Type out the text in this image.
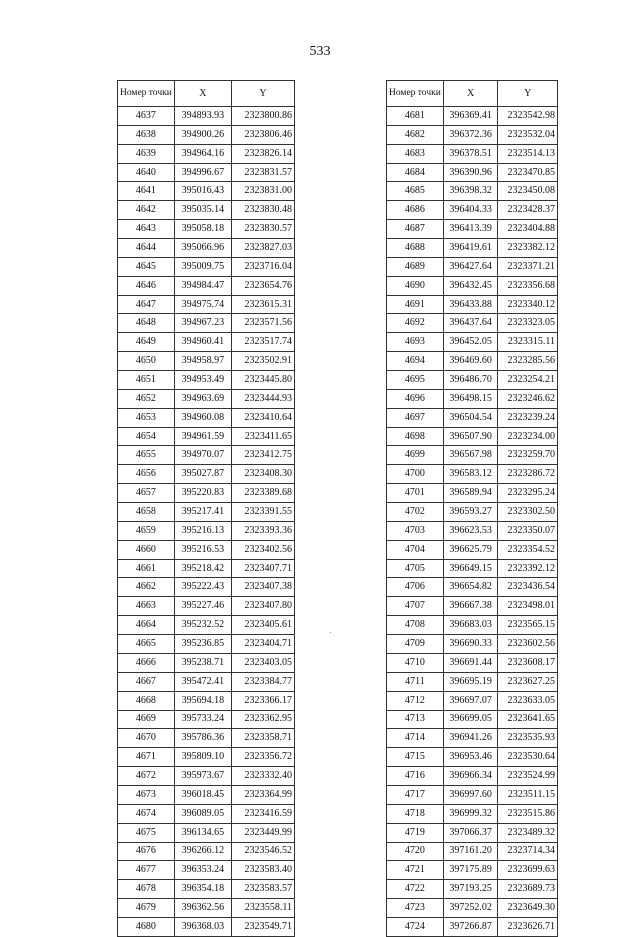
533
Номер точки	X	Y
4637	394893.93	2323800.86
4638	394900.26	2323806.46
4639	394964.16	2323826.14
4640	394996.67	2323831.57
4641	395016.43	2323831.00
4642	395035.14	2323830.48
4643	395058.18	2323830.57
4644	395066.96	2323827.03
4645	395009.75	2323716.04
4646	394984.47	2323654.76
4647	394975.74	2323615.31
4648	394967.23	2323571.56
4649	394960.41	2323517.74
4650	394958.97	2323502.91
4651	394953.49	2323445.80
4652	394963.69	2323444.93
4653	394960.08	2323410.64
4654	394961.59	2323411.65
4655	394970.07	2323412.75
4656	395027.87	2323408.30
4657	395220.83	2323389.68
4658	395217.41	2323391.55
4659	395216.13	2323393.36
4660	395216.53	2323402.56
4661	395218.42	2323407.71
4662	395222.43	2323407.38
4663	395227.46	2323407.80
4664	395232.52	2323405.61
4665	395236.85	2323404.71
4666	395238.71	2323403.05
4667	395472.41	2323384.77
4668	395694.18	2323366.17
4669	395733.24	2323362.95
4670	395786.36	2323358.71
4671	395809.10	2323356.72
4672	395973.67	2323332.40
4673	396018.45	2323364.99
4674	396089.05	2323416.59
4675	396134.65	2323449.99
4676	396266.12	2323546.52
4677	396353.24	2323583.40
4678	396354.18	2323583.57
4679	396362.56	2323558.11
4680	396368.03	2323549.71
Номер точки	X	Y
4681	396369.41	2323542.98
4682	396372.36	2323532.04
4683	396378.51	2323514.13
4684	396390.96	2323470.85
4685	396398.32	2323450.08
4686	396404.33	2323428.37
4687	396413.39	2323404.88
4688	396419.61	2323382.12
4689	396427.64	2323371.21
4690	396432.45	2323356.68
4691	396433.88	2323340.12
4692	396437.64	2323323.05
4693	396452.05	2323315.11
4694	396469.60	2323285.56
4695	396486.70	2323254.21
4696	396498.15	2323246.62
4697	396504.54	2323239.24
4698	396507.90	2323234.00
4699	396567.98	2323259.70
4700	396583.12	2323286.72
4701	396589.94	2323295.24
4702	396593.27	2323302.50
4703	396623.53	2323350.07
4704	396625.79	2323354.52
4705	396649.15	2323392.12
4706	396654.82	2323436.54
4707	396667.38	2323498.01
4708	396683.03	2323565.15
4709	396690.33	2323602.56
4710	396691.44	2323608.17
4711	396695.19	2323627.25
4712	396697.07	2323633.05
4713	396699.05	2323641.65
4714	396941.26	2323535.93
4715	396953.46	2323530.64
4716	396966.34	2323524.99
4717	396997.60	2323511.15
4718	396999.32	2323515.86
4719	397066.37	2323489.32
4720	397161.20	2323714.34
4721	397175.89	2323699.63
4722	397193.25	2323689.73
4723	397252.02	2323649.30
4724	397266.87	2323626.71
